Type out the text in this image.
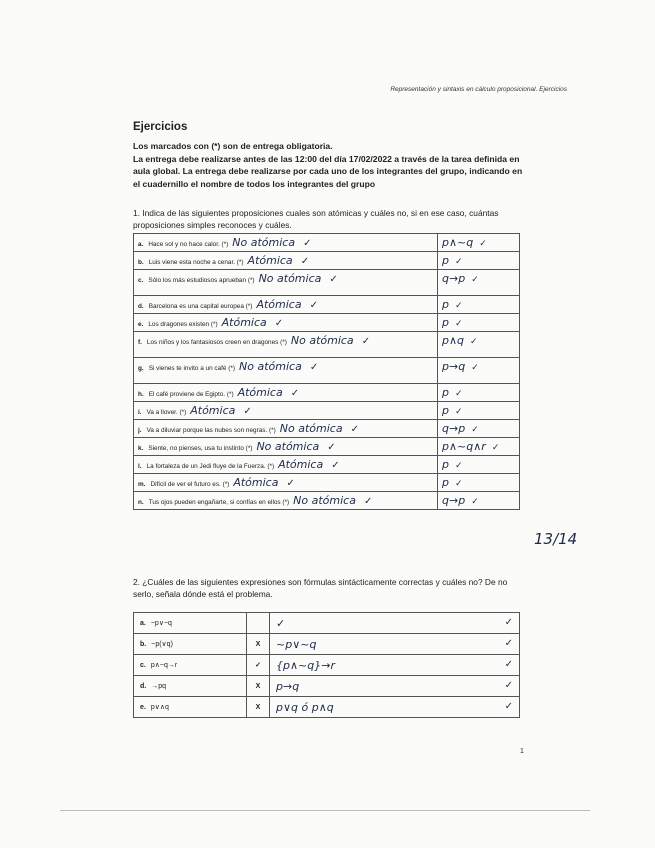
Representación y sintaxis en cálculo proposicional. Ejercicios
Ejercicios
Los marcados con (*) son de entrega obligatoria.
La entrega debe realizarse antes de las 12:00 del día 17/02/2022 a través de la tarea definida en aula global. La entrega debe realizarse por cada uno de los integrantes del grupo, indicando en el cuadernillo el nombre de todos los integrantes del grupo
1. Indica de las siguientes proposiciones cuales son atómicas y cuáles no, si en ese caso, cuántas proposiciones simples reconoces y cuáles.
a. Hace sol y no hace calor. (*) No atómica ✓	p∧~q ✓
b. Luis viene esta noche a cenar. (*) Atómica ✓	p ✓
c. Sólo los más estudiosos aprueban (*) No atómica ✓	q→p ✓
d. Barcelona es una capital europea (*) Atómica ✓	p ✓
e. Los dragones existen (*) Atómica ✓	p ✓
f. Los niños y los fantasiosos creen en dragones (*) No atómica ✓	p∧q ✓
g. Si vienes te invito a un café (*) No atómica ✓	p→q ✓
h. El café proviene de Egipto. (*) Atómica ✓	p ✓
i. Va a llover. (*) Atómica ✓	p ✓
j. Va a diluviar porque las nubes son negras. (*) No atómica ✓	q→p ✓
k. Siente, no pienses, usa tu instinto (*) No atómica ✓	p∧~q∧r ✓
l. La fortaleza de un Jedi fluye de la Fuerza. (*) Atómica ✓	p ✓
m. Difícil de ver el futuro es. (*) Atómica ✓	p ✓
n. Tus ojos pueden engañarte, si confías en ellos (*) No atómica ✓	q→p ✓
13/14
2. ¿Cuáles de las siguientes expresiones son fórmulas sintácticamente correctas y cuáles no? De no serlo, señala dónde está el problema.
a. ~p∨~q		✓ ✓

b. ~p(∨q)	X	~p∨~q ✓

c. p∧~q→r	✓	{p∧~q}→r ✓

d. →pq	X	p→q ✓

e. p∨∧q	X	p∨q ó p∧q ✓
1
